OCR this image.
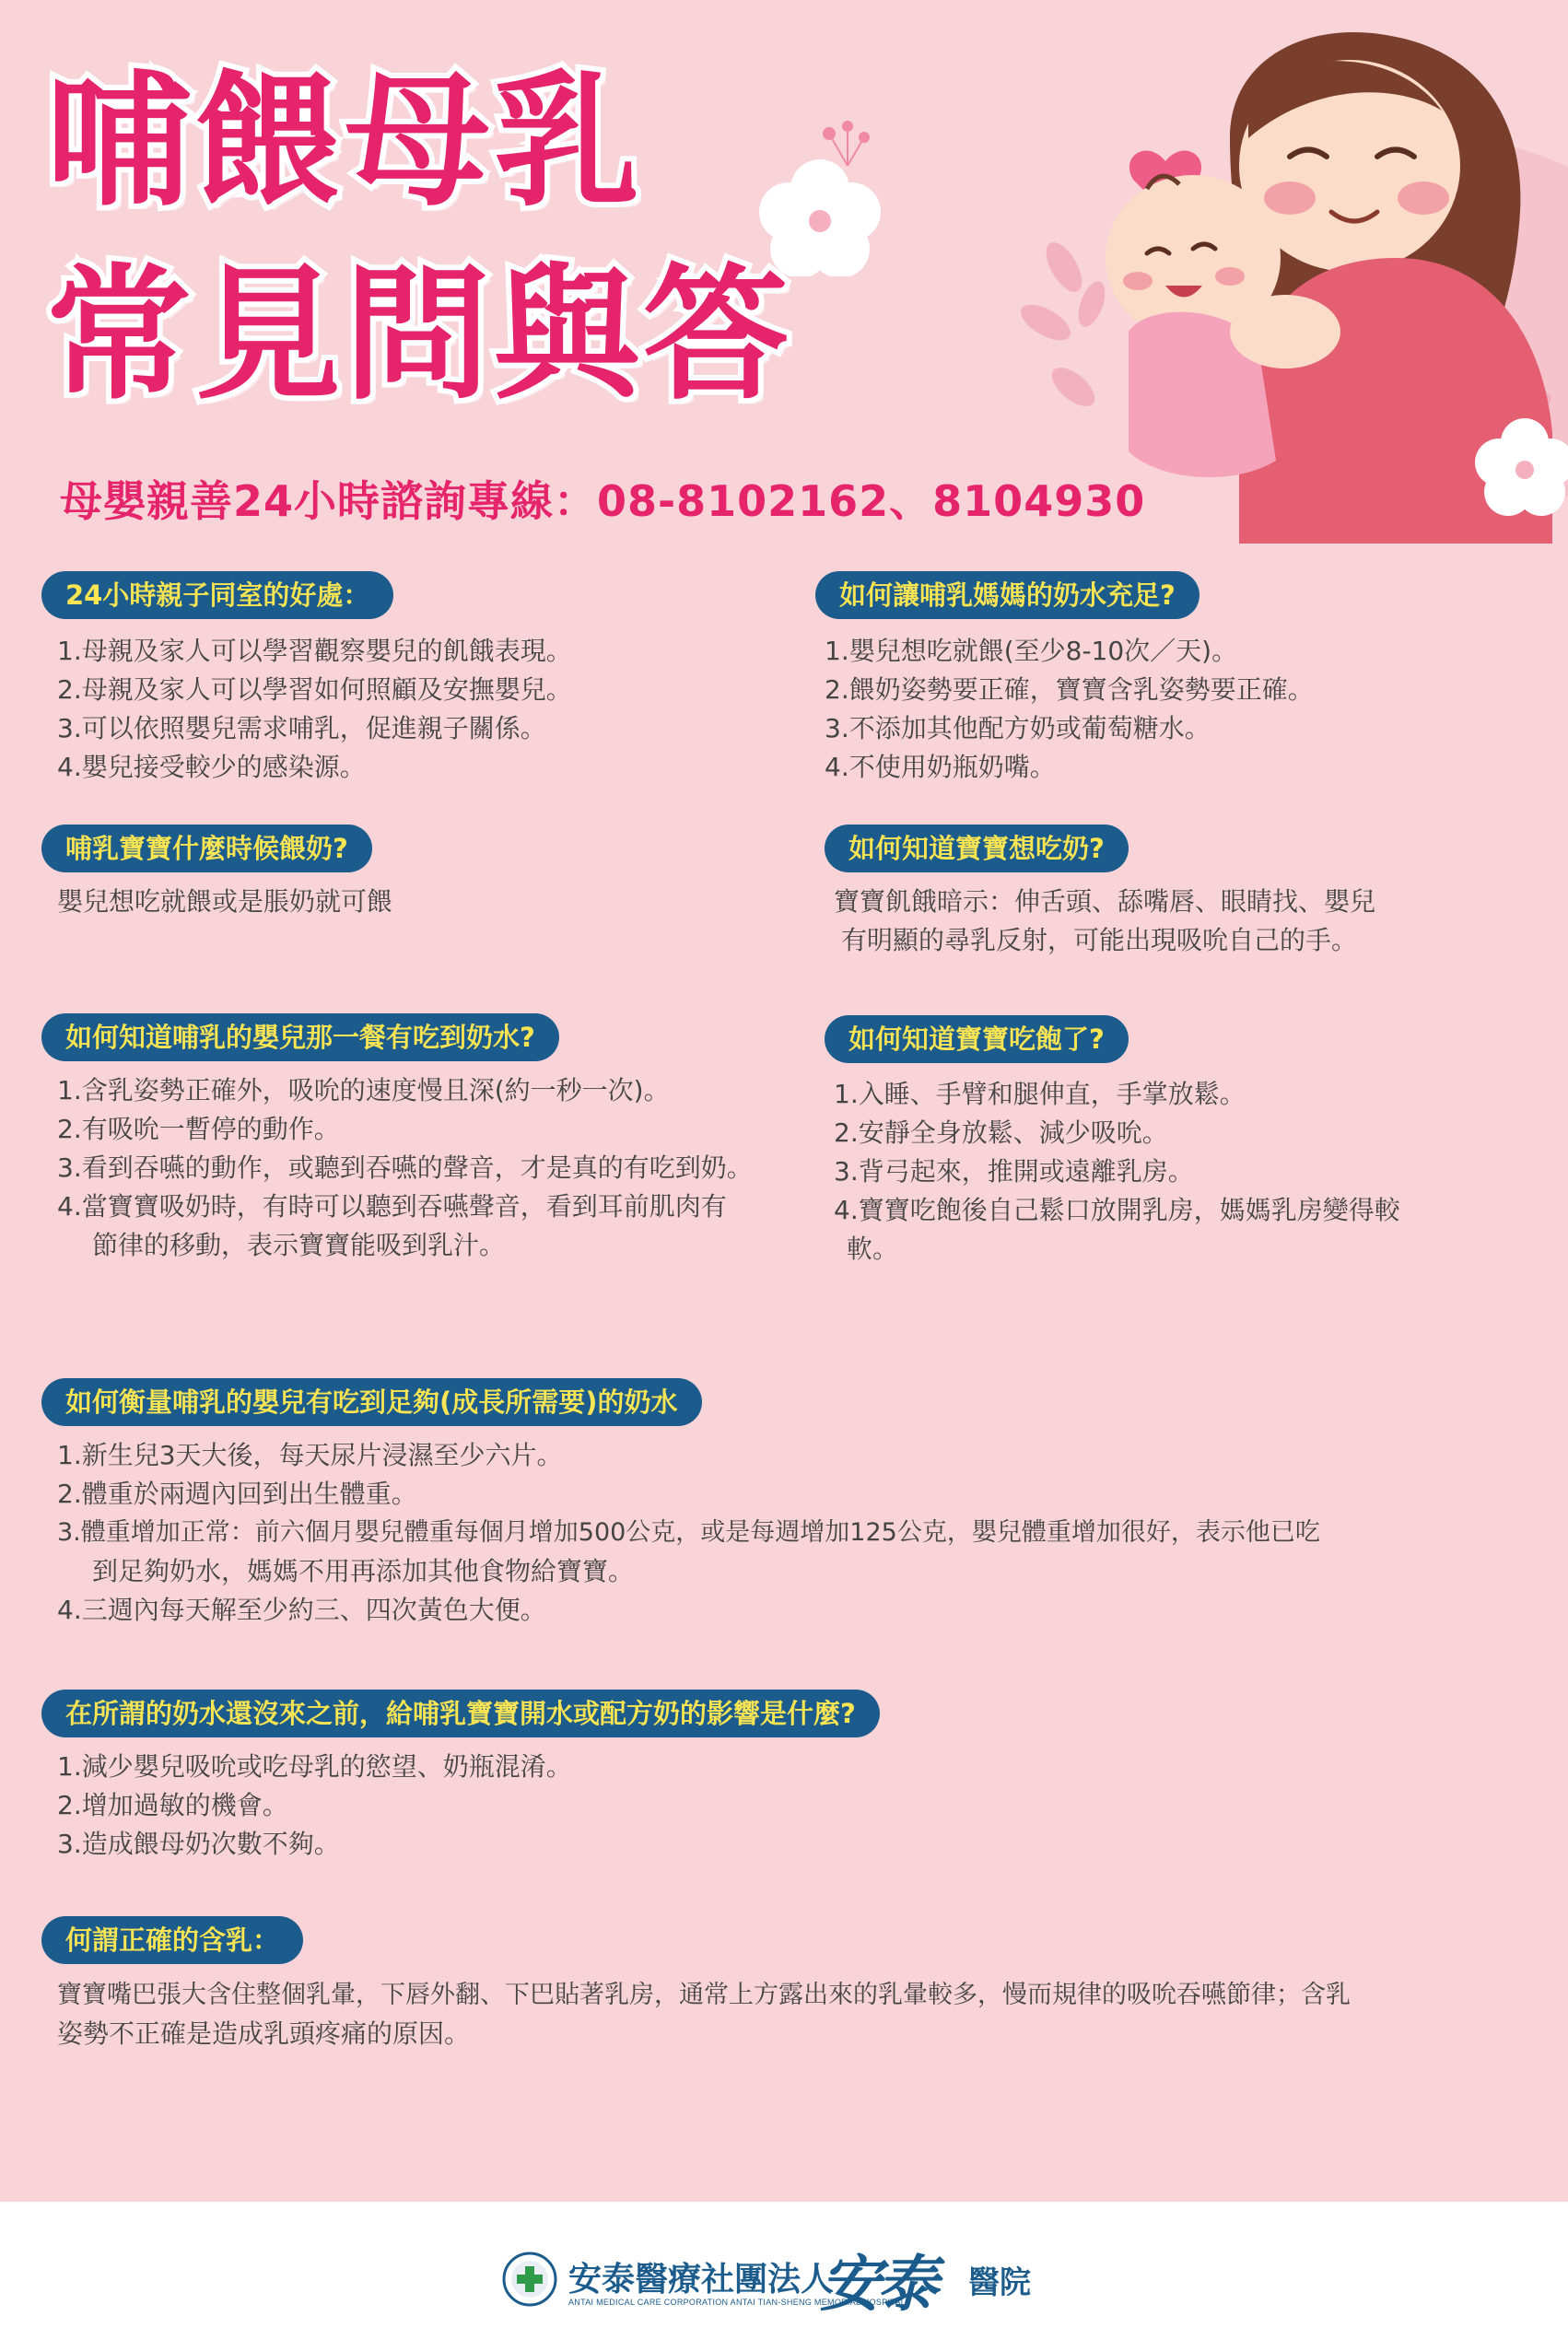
哺餵母乳
常見問與答
母嬰親善24小時諮詢專線：08-8102162、8104930
24小時親子同室的好處：
1.母親及家人可以學習觀察嬰兒的飢餓表現。
2.母親及家人可以學習如何照顧及安撫嬰兒。
3.可以依照嬰兒需求哺乳，促進親子關係。
4.嬰兒接受較少的感染源。
如何讓哺乳媽媽的奶水充足?
1.嬰兒想吃就餵(至少8-10次／天)。
2.餵奶姿勢要正確，寶寶含乳姿勢要正確。
3.不添加其他配方奶或葡萄糖水。
4.不使用奶瓶奶嘴。
哺乳寶寶什麼時候餵奶?
嬰兒想吃就餵或是脹奶就可餵
如何知道寶寶想吃奶?
寶寶飢餓暗示：伸舌頭、舔嘴唇、眼睛找、嬰兒
有明顯的尋乳反射，可能出現吸吮自己的手。
如何知道哺乳的嬰兒那一餐有吃到奶水?
1.含乳姿勢正確外，吸吮的速度慢且深(約一秒一次)。
2.有吸吮一暫停的動作。
3.看到吞嚥的動作，或聽到吞嚥的聲音，才是真的有吃到奶。
4.當寶寶吸奶時，有時可以聽到吞嚥聲音，看到耳前肌肉有
節律的移動，表示寶寶能吸到乳汁。
如何知道寶寶吃飽了?
1.入睡、手臂和腿伸直，手掌放鬆。
2.安靜全身放鬆、減少吸吮。
3.背弓起來，推開或遠離乳房。
4.寶寶吃飽後自己鬆口放開乳房，媽媽乳房變得較
軟。
如何衡量哺乳的嬰兒有吃到足夠(成長所需要)的奶水
1.新生兒3天大後，每天尿片浸濕至少六片。
2.體重於兩週內回到出生體重。
3.體重增加正常：前六個月嬰兒體重每個月增加500公克，或是每週增加125公克，嬰兒體重增加很好，表示他已吃
到足夠奶水，媽媽不用再添加其他食物給寶寶。
4.三週內每天解至少約三、四次黃色大便。
在所謂的奶水還沒來之前，給哺乳寶寶開水或配方奶的影響是什麼?
1.減少嬰兒吸吮或吃母乳的慾望、奶瓶混淆。
2.增加過敏的機會。
3.造成餵母奶次數不夠。
何謂正確的含乳：
寶寶嘴巴張大含住整個乳暈，下唇外翻、下巴貼著乳房，通常上方露出來的乳暈較多，慢而規律的吸吮吞嚥節律；含乳
姿勢不正確是造成乳頭疼痛的原因。
安泰醫療社團法人
ANTAI MEDICAL CARE CORPORATION ANTAI TIAN-SHENG MEMORIAL HOSPITAL
安泰 醫院
